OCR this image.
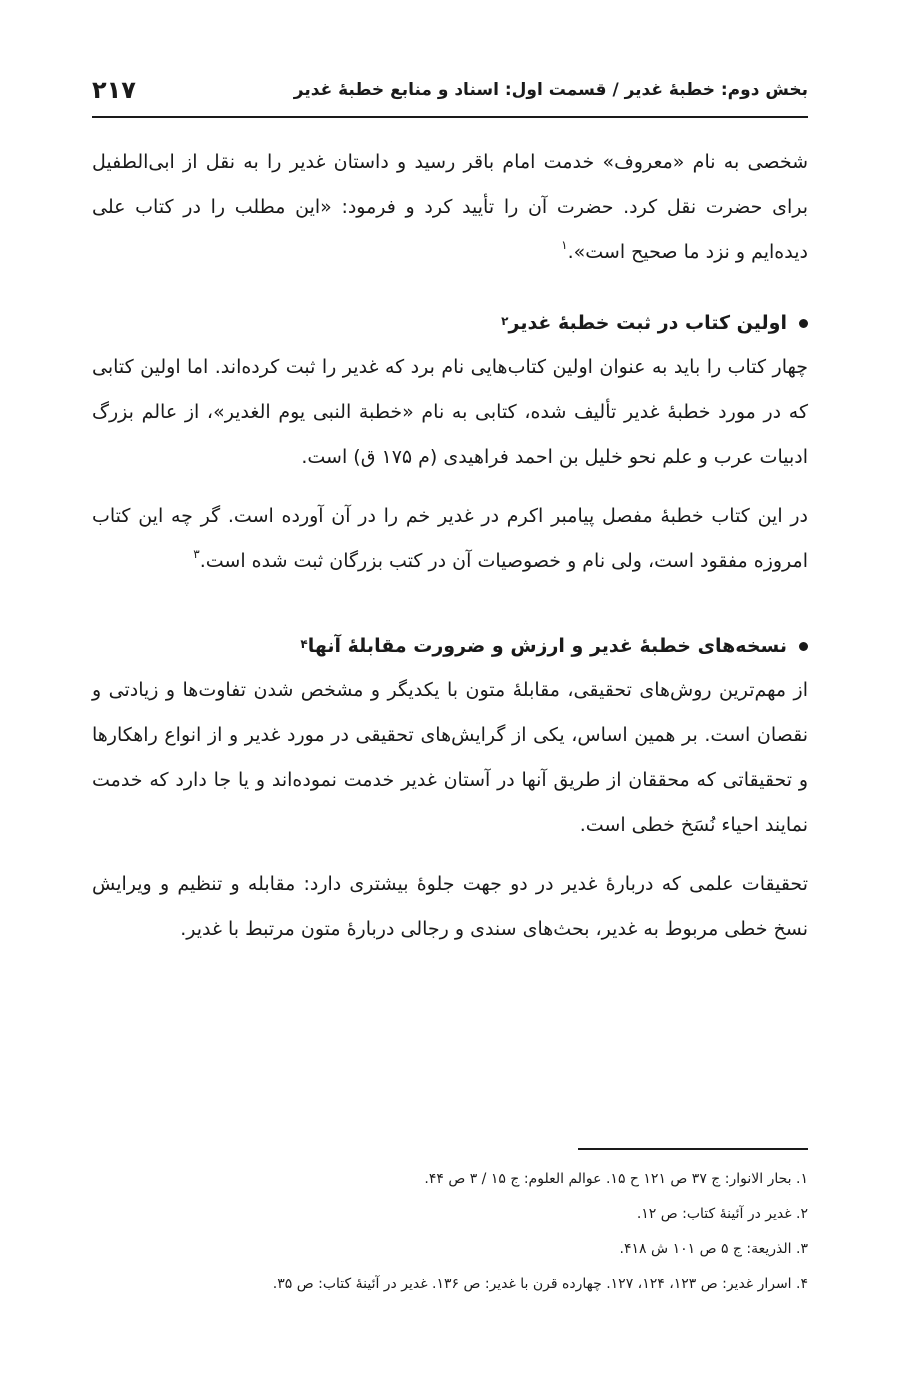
بخش دوم: خطبهٔ غدیر / قسمت اول: اسناد و منابع خطبهٔ غدیر
۲۱۷

شخصی به نام «معروف» خدمت امام باقر رسید و داستان غدیر را به نقل از ابی‌الطفیل برای حضرت نقل کرد. حضرت آن را تأیید کرد و فرمود: «این مطلب را در کتاب علی دیده‌ایم و نزد ما صحیح است».$^۱$

اولین کتاب در ثبت خطبهٔ غدیر
$^۲$

چهار کتاب را باید به عنوان اولین کتاب‌هایی نام برد که غدیر را ثبت کرده‌اند. اما اولین کتابی که در مورد خطبهٔ غدیر تألیف شده، کتابی به نام «خطبة النبی یوم الغدیر»، از عالم بزرگ ادبیات عرب و علم نحو خلیل بن احمد فراهیدی (م ۱۷۵ ق) است.

در این کتاب خطبهٔ مفصل پیامبر اکرم در غدیر خم را در آن آورده است. گر چه این کتاب امروزه مفقود است، ولی نام و خصوصیات آن در کتب بزرگان ثبت شده است.$^۳$

نسخه‌های خطبهٔ غدیر و ارزش و ضرورت مقابلهٔ آنها
$^۴$

از مهم‌ترین روش‌های تحقیقی، مقابلهٔ متون با یکدیگر و مشخص شدن تفاوت‌ها و زیادتی و نقصان است. بر همین اساس، یکی از گرایش‌های تحقیقی در مورد غدیر و از انواع راهکارها و تحقیقاتی که محققان از طریق آنها در آستان غدیر خدمت نموده‌اند و یا جا دارد که خدمت نمایند احیاء نُسَخ خطی است.

تحقیقات علمی که دربارهٔ غدیر در دو جهت جلوهٔ بیشتری دارد: مقابله و تنظیم و ویرایش نسخ خطی مربوط به غدیر، بحث‌های سندی و رجالی دربارهٔ متون مرتبط با غدیر.

۱. بحار الانوار: ج ۳۷ ص ۱۲۱ ح ۱۵. عوالم العلوم: ج ۱۵ / ۳ ص ۴۴.
۲. غدیر در آئینهٔ کتاب: ص ۱۲.
۳. الذریعة: ج ۵ ص ۱۰۱ ش ۴۱۸.
۴. اسرار غدیر: ص ۱۲۳، ۱۲۴، ۱۲۷. چهارده قرن با غدیر: ص ۱۳۶. غدیر در آئینهٔ کتاب: ص ۳۵.
